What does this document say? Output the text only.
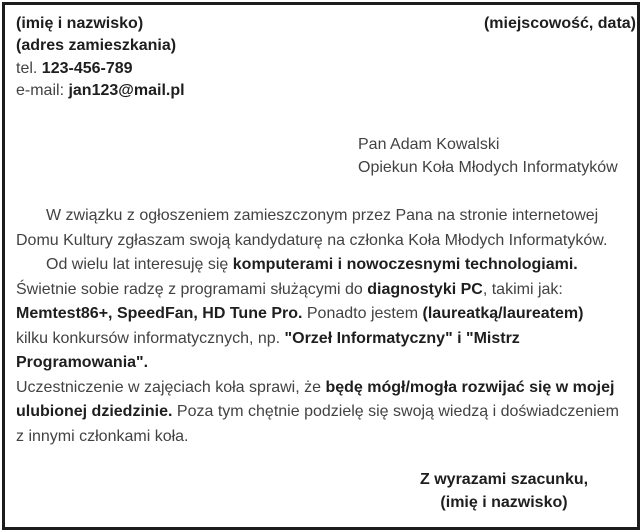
(imię i nazwisko)
(adres zamieszkania)
tel. 123-456-789
e-mail: jan123@mail.pl
(miejscowość, data)
Pan Adam Kowalski
Opiekun Koła Młodych Informatyków
W związku z ogłoszeniem zamieszczonym przez Pana na stronie internetowej
Domu Kultury zgłaszam swoją kandydaturę na członka Koła Młodych Informatyków.
Od wielu lat interesuję się komputerami i nowoczesnymi technologiami.
Świetnie sobie radzę z programami służącymi do diagnostyki PC, takimi jak:
Memtest86+, SpeedFan, HD Tune Pro. Ponadto jestem (laureatką/laureatem)
kilku konkursów informatycznych, np. "Orzeł Informatyczny" i "Mistrz
Programowania".
Uczestniczenie w zajęciach koła sprawi, że będę mógł/mogła rozwijać się w mojej
ulubionej dziedzinie. Poza tym chętnie podzielę się swoją wiedzą i doświadczeniem
z innymi członkami koła.
Z wyrazami szacunku,
(imię i nazwisko)
